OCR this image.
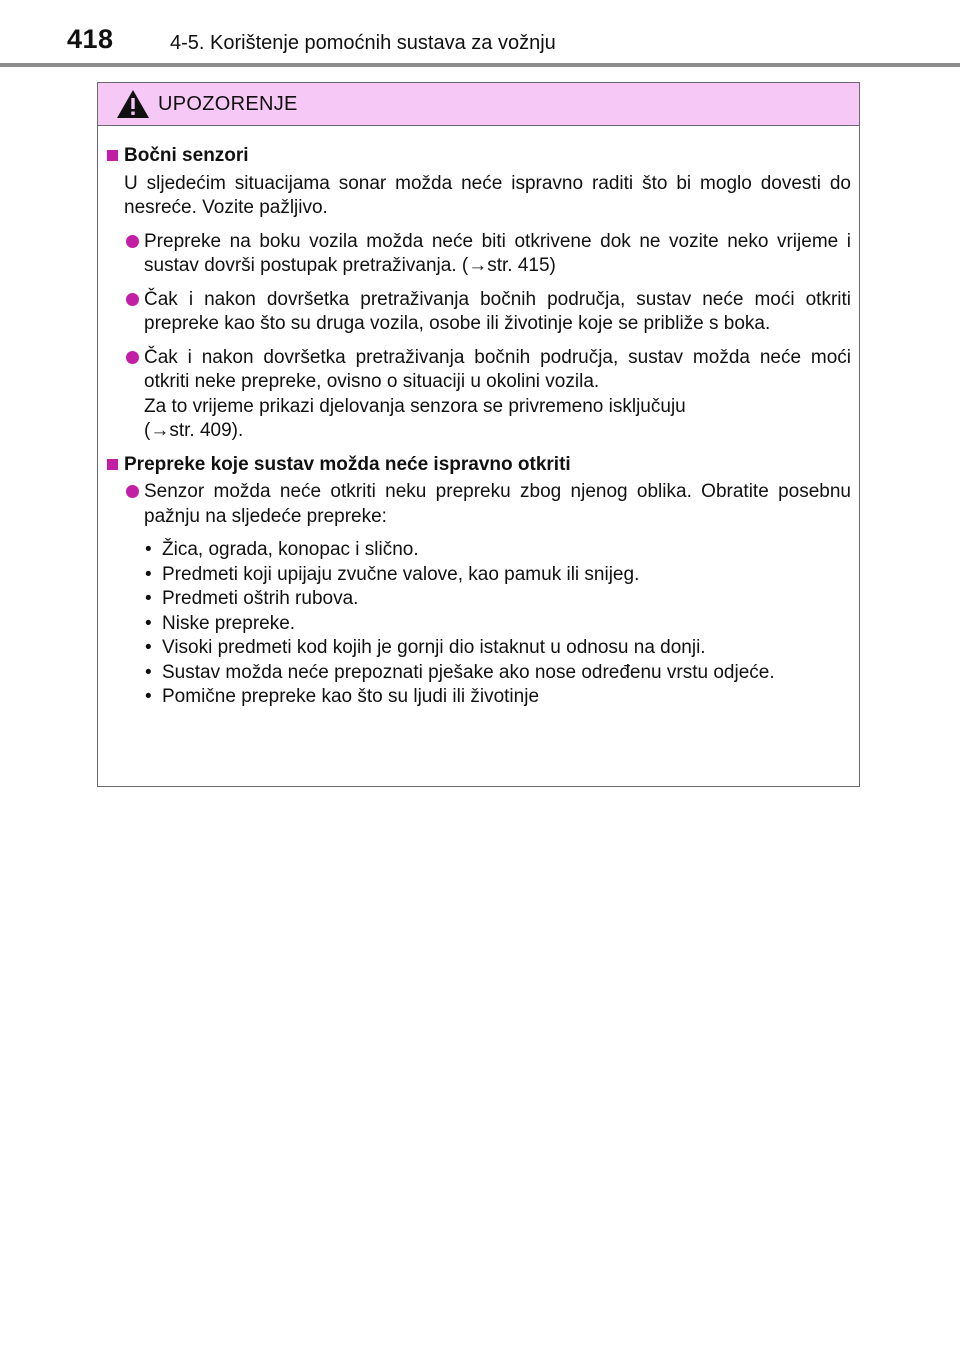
418	4-5. Korištenje pomoćnih sustava za vožnju
UPOZORENJE
Bočni senzori
U sljedećim situacijama sonar možda neće ispravno raditi što bi moglo dovesti do nesreće. Vozite pažljivo.
Prepreke na boku vozila možda neće biti otkrivene dok ne vozite neko vrijeme i sustav dovrši postupak pretraživanja. (→str. 415)
Čak i nakon dovršetka pretraživanja bočnih područja, sustav neće moći otkriti prepreke kao što su druga vozila, osobe ili životinje koje se približe s boka.
Čak i nakon dovršetka pretraživanja bočnih područja, sustav možda neće moći otkriti neke prepreke, ovisno o situaciji u okolini vozila.
Za to vrijeme prikazi djelovanja senzora se privremeno isključuju
(→str. 409).
Prepreke koje sustav možda neće ispravno otkriti
Senzor možda neće otkriti neku prepreku zbog njenog oblika. Obratite posebnu pažnju na sljedeće prepreke:
• Žica, ograda, konopac i slično.
• Predmeti koji upijaju zvučne valove, kao pamuk ili snijeg.
• Predmeti oštrih rubova.
• Niske prepreke.
• Visoki predmeti kod kojih je gornji dio istaknut u odnosu na donji.
• Sustav možda neće prepoznati pješake ako nose određenu vrstu odjeće.
• Pomične prepreke kao što su ljudi ili životinje
